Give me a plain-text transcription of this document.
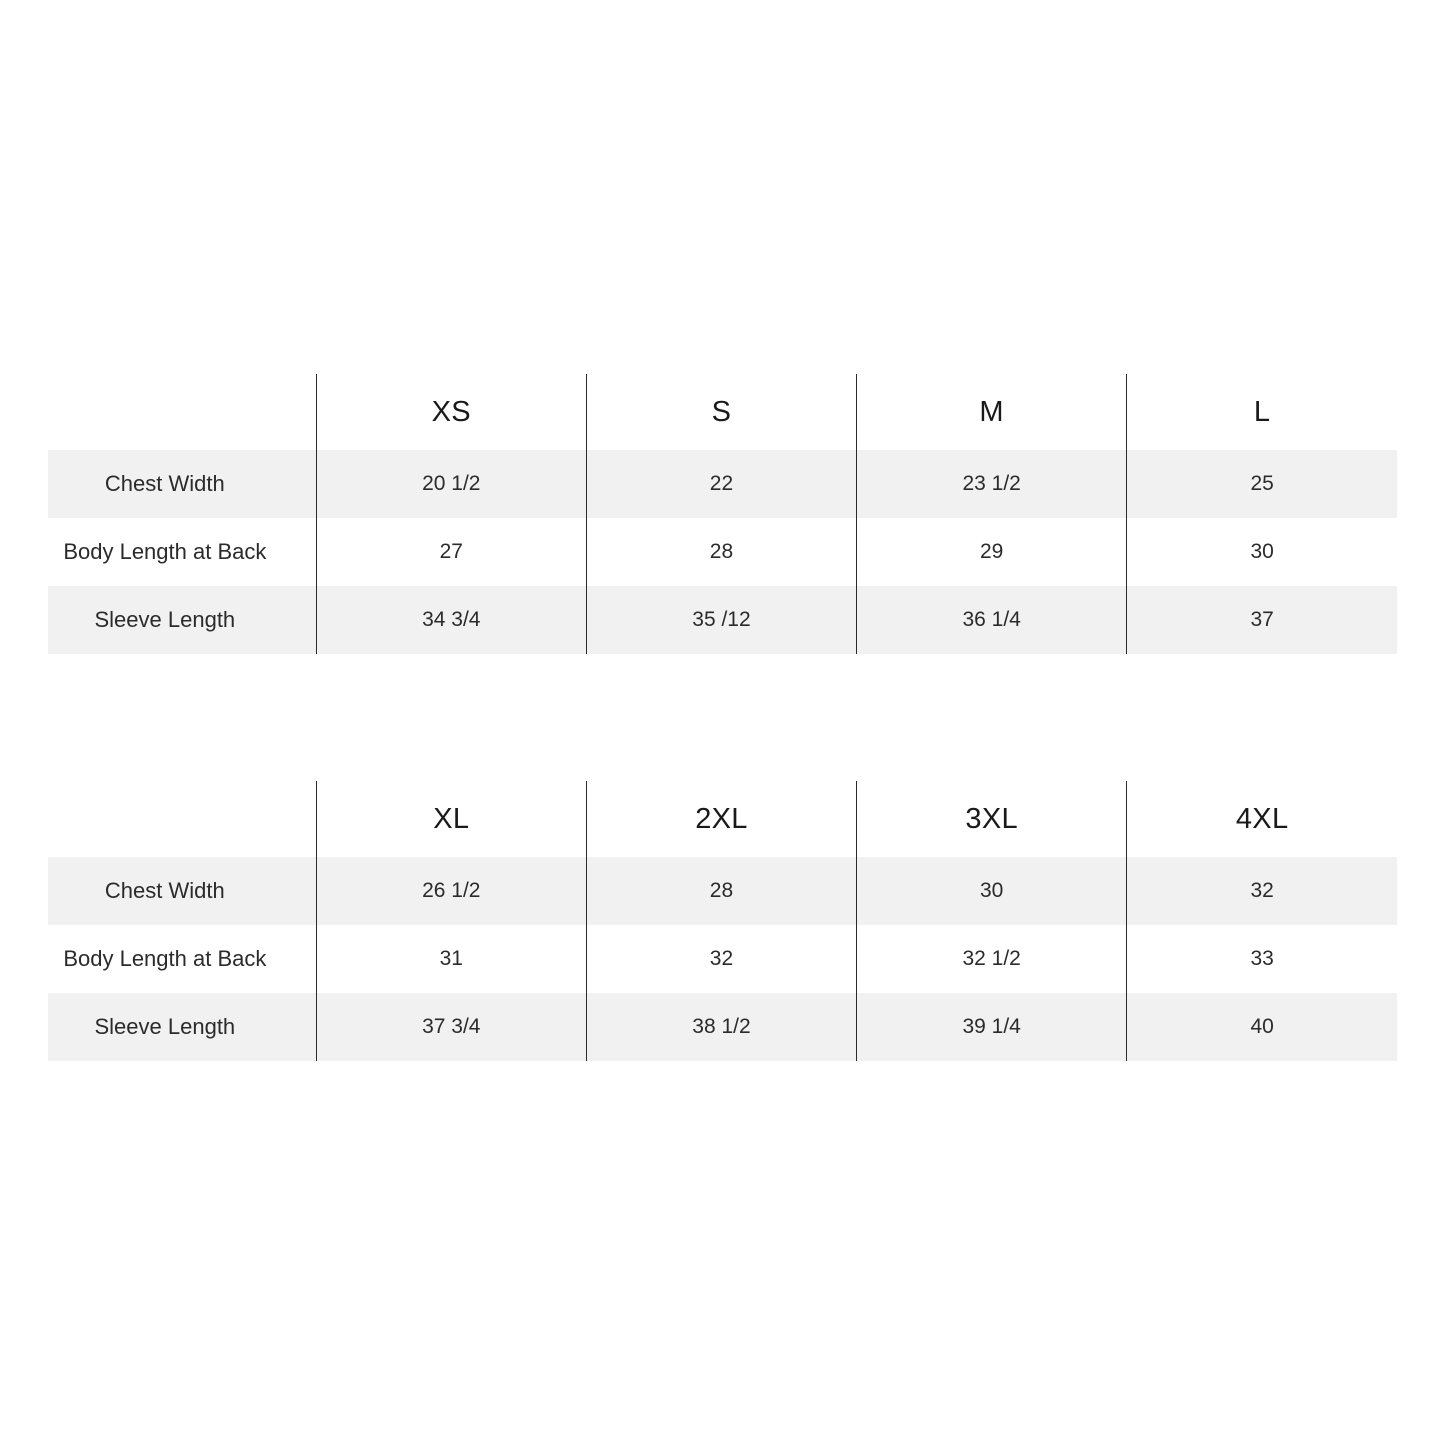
	XS	S	M	L
Chest Width	20 1/2	22	23 1/2	25
Body Length at Back	27	28	29	30
Sleeve Length	34 3/4	35 /12	36 1/4	37
	XL	2XL	3XL	4XL
Chest Width	26 1/2	28	30	32
Body Length at Back	31	32	32 1/2	33
Sleeve Length	37 3/4	38 1/2	39 1/4	40
